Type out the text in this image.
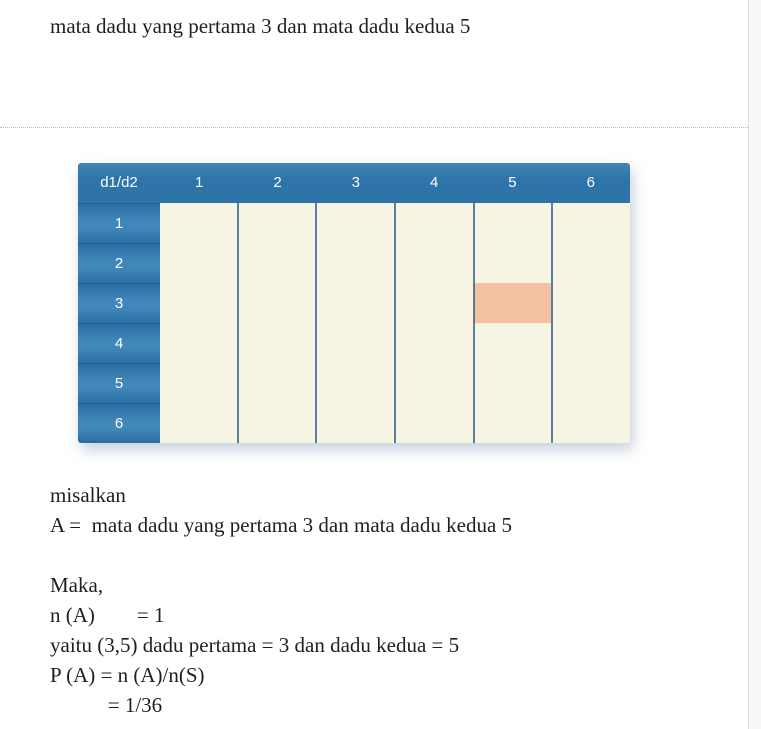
mata dadu yang pertama 3 dan mata dadu kedua 5
d1/d2	1	2	3	4	5	6
1
2
3
4
5
6
misalkan
A =  mata dadu yang pertama 3 dan mata dadu kedua 5
Maka,
n (A)        = 1
yaitu (3,5) dadu pertama = 3 dan dadu kedua = 5
P (A) = n (A)/n(S)
= 1/36
